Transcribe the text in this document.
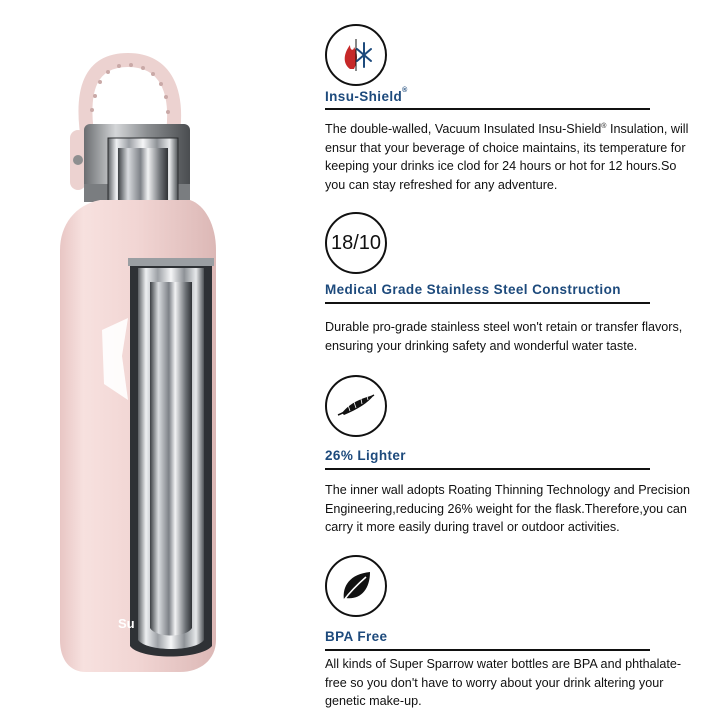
Su
Insu-Shield®
The double-walled, Vacuum Insulated Insu-Shield® Insulation, will ensur that your beverage of choice maintains, its temperature for keeping your drinks ice clod for 24 hours or hot for 12 hours.So you can stay refreshed for any adventure.
18/10
Medical Grade Stainless Steel Construction
Durable pro-grade stainless steel won't retain or transfer flavors, ensuring your drinking safety and wonderful water taste.
26% Lighter
The inner wall adopts Roating Thinning Technology and Precision Engineering,reducing 26% weight for the flask.Therefore,you can carry it more easily during travel or outdoor activities.
BPA Free
All kinds of Super Sparrow water bottles are BPA and phthalate-free so you don't have to worry about your drink altering your genetic make-up.
